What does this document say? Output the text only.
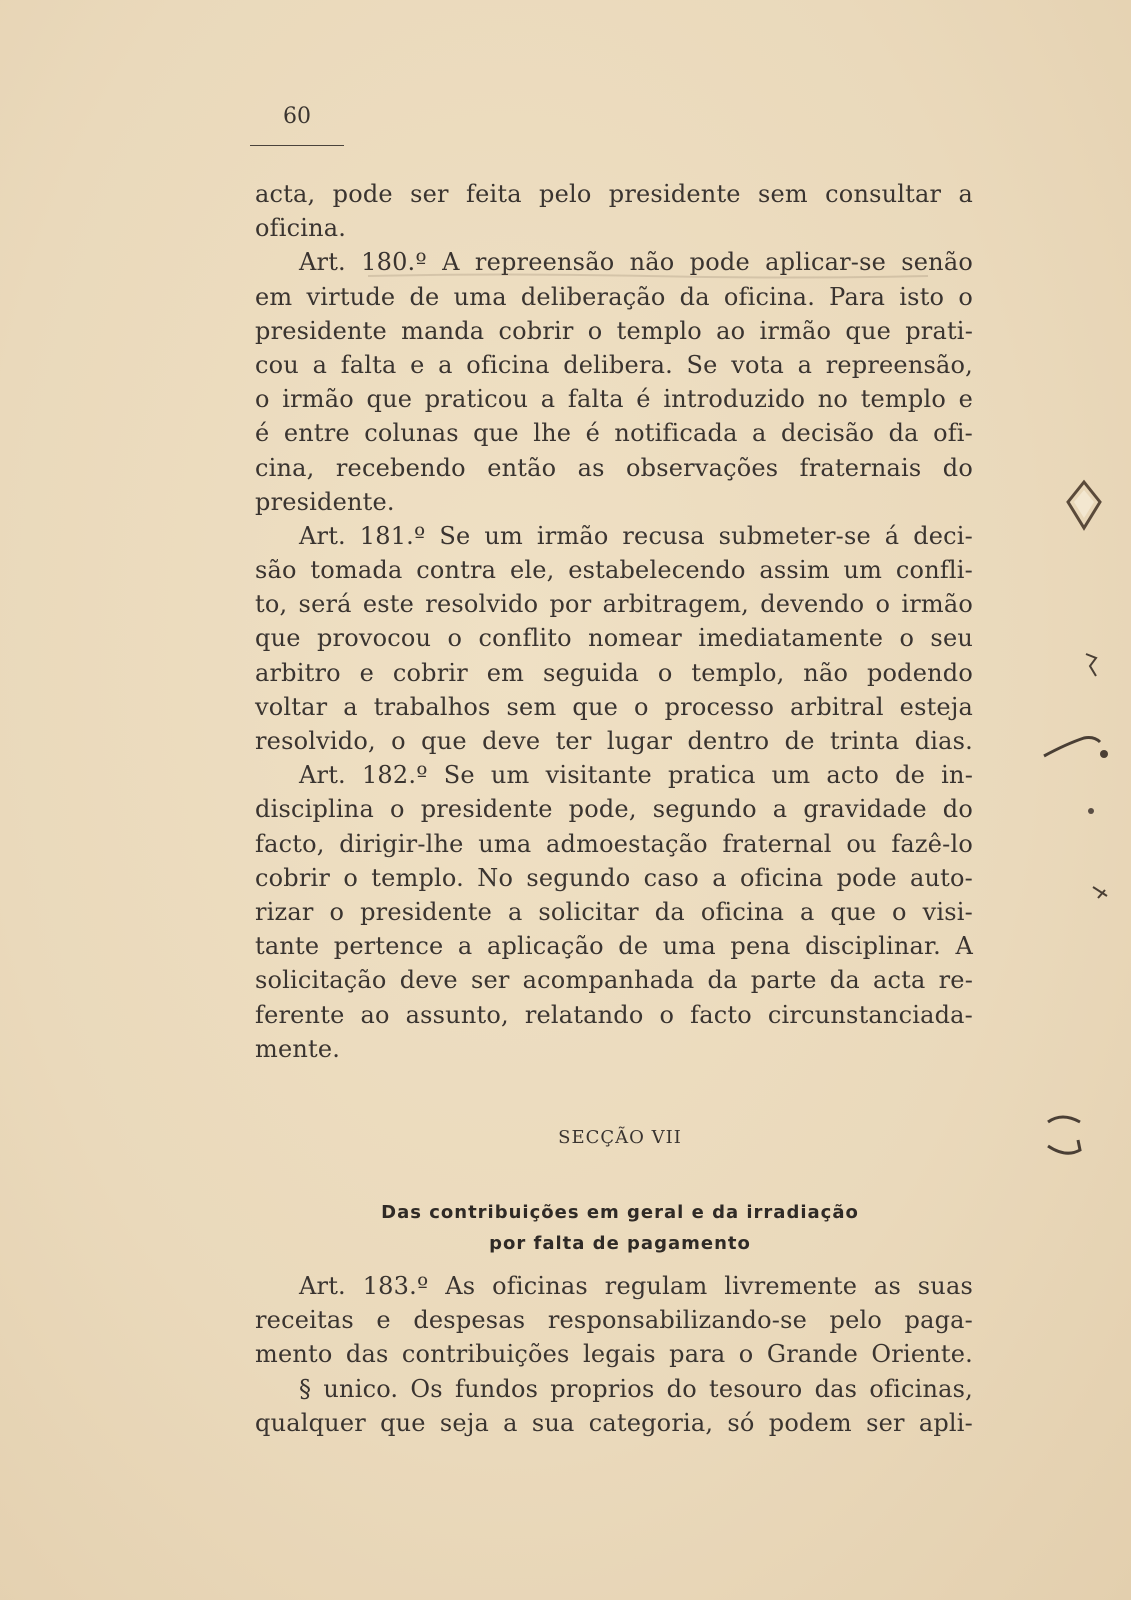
60
acta, pode ser feita pelo presidente sem consultar a
oficina.
Art. 180.º A repreensão não pode aplicar-se senão
em virtude de uma deliberação da oficina. Para isto o
presidente manda cobrir o templo ao irmão que prati-
cou a falta e a oficina delibera. Se vota a repreensão,
o irmão que praticou a falta é introduzido no templo e
é entre colunas que lhe é notificada a decisão da ofi-
cina, recebendo então as observações fraternais do
presidente.
Art. 181.º Se um irmão recusa submeter-se á deci-
são tomada contra ele, estabelecendo assim um confli-
to, será este resolvido por arbitragem, devendo o irmão
que provocou o conflito nomear imediatamente o seu
arbitro e cobrir em seguida o templo, não podendo
voltar a trabalhos sem que o processo arbitral esteja
resolvido, o que deve ter lugar dentro de trinta dias.
Art. 182.º Se um visitante pratica um acto de in-
disciplina o presidente pode, segundo a gravidade do
facto, dirigir-lhe uma admoestação fraternal ou fazê-lo
cobrir o templo. No segundo caso a oficina pode auto-
rizar o presidente a solicitar da oficina a que o visi-
tante pertence a aplicação de uma pena disciplinar. A
solicitação deve ser acompanhada da parte da acta re-
ferente ao assunto, relatando o facto circunstanciada-
mente.
SECÇÃO VII
Das contribuições em geral e da irradiação
por falta de pagamento
Art. 183.º As oficinas regulam livremente as suas
receitas e despesas responsabilizando-se pelo paga-
mento das contribuições legais para o Grande Oriente.
§ unico. Os fundos proprios do tesouro das oficinas,
qualquer que seja a sua categoria, só podem ser apli-
